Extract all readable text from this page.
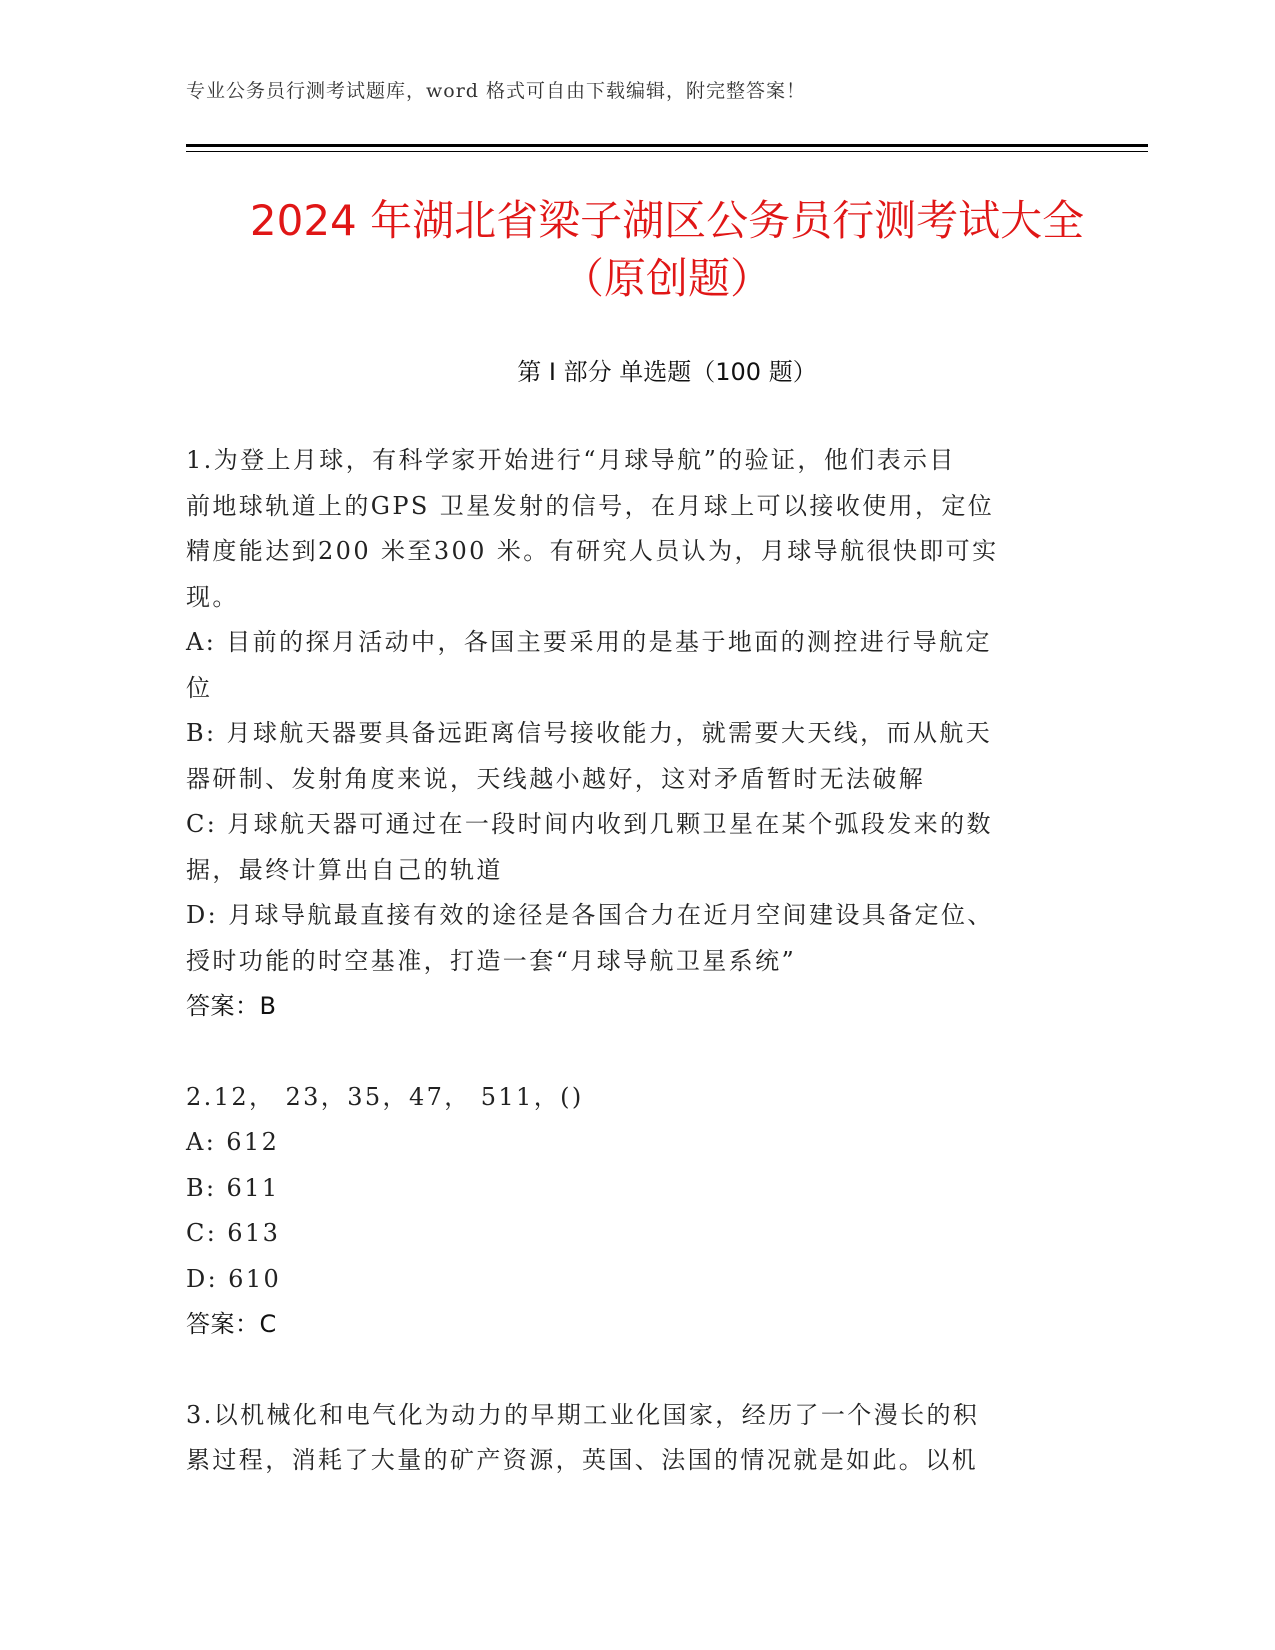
专业公务员行测考试题库，word 格式可自由下载编辑，附完整答案！
2024 年湖北省梁子湖区公务员行测考试大全
（原创题）
第 I 部分 单选题（100 题）

1.为登上月球，有科学家开始进行“月球导航”的验证，他们表示目

前地球轨道上的GPS 卫星发射的信号，在月球上可以接收使用，定位

精度能达到200 米至300 米。有研究人员认为，月球导航很快即可实

现。

A: 目前的探月活动中，各国主要采用的是基于地面的测控进行导航定

位

B: 月球航天器要具备远距离信号接收能力，就需要大天线，而从航天

器研制、发射角度来说，天线越小越好，这对矛盾暂时无法破解

C: 月球航天器可通过在一段时间内收到几颗卫星在某个弧段发来的数

据，最终计算出自己的轨道

D: 月球导航最直接有效的途径是各国合力在近月空间建设具备定位、

授时功能的时空基准，打造一套“月球导航卫星系统”

答案：B

2.12， 23，35，47， 511，()

A: 612

B: 611

C: 613

D: 610

答案：C

3.以机械化和电气化为动力的早期工业化国家，经历了一个漫长的积

累过程，消耗了大量的矿产资源，英国、法国的情况就是如此。以机
